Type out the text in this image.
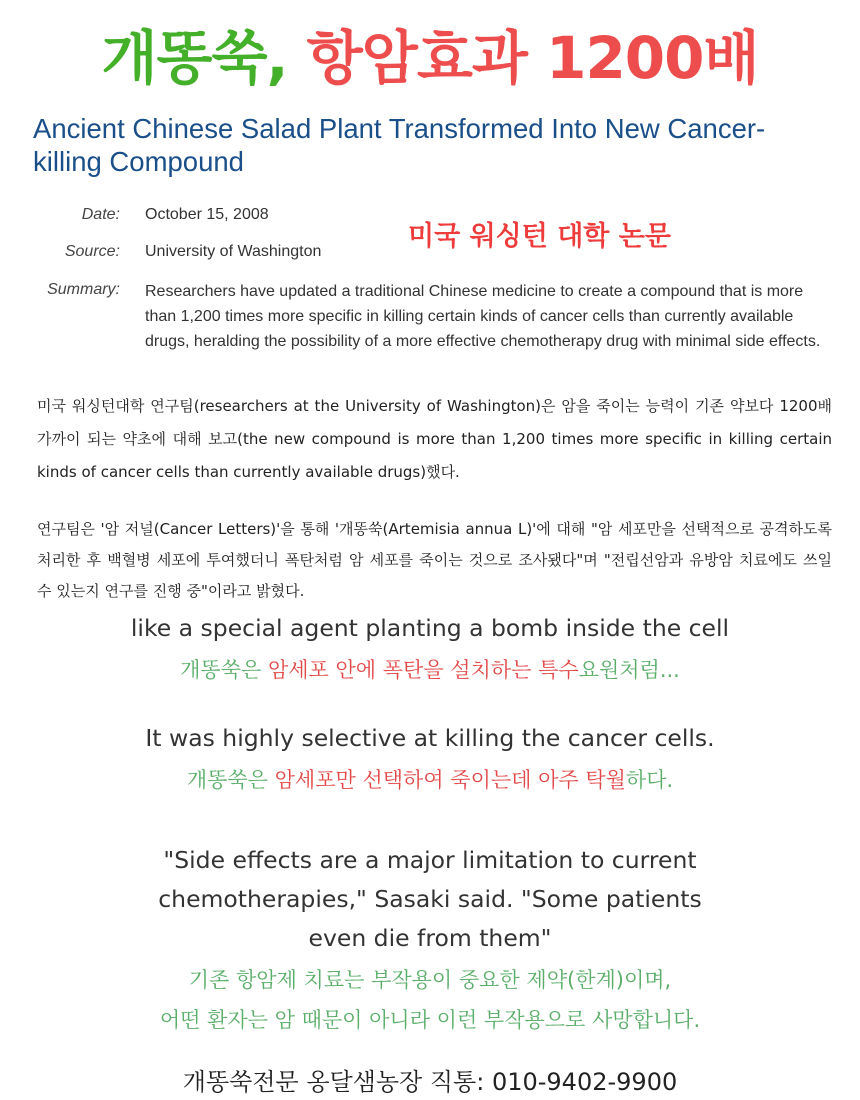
개똥쑥, 항암효과 1200배
Ancient Chinese Salad Plant Transformed Into New Cancer-killing Compound
Date: October 15, 2008
Source: University of Washington
Summary: Researchers have updated a traditional Chinese medicine to create a compound that is more than 1,200 times more specific in killing certain kinds of cancer cells than currently available drugs, heralding the possibility of a more effective chemotherapy drug with minimal side effects.
미국 워싱턴 대학 논문
미국 워싱턴대학 연구팀(researchers at the University of Washington)은 암을 죽이는 능력이 기존 약보다 1200배 가까이 되는 약초에 대해 보고(the new compound is more than 1,200 times more specific in killing certain kinds of cancer cells than currently available drugs)했다.
연구팀은 '암 저널(Cancer Letters)'을 통해 '개똥쑥(Artemisia annua L)'에 대해 "암 세포만을 선택적으로 공격하도록 처리한 후 백혈병 세포에 투여했더니 폭탄처럼 암 세포를 죽이는 것으로 조사됐다"며 "전립선암과 유방암 치료에도 쓰일 수 있는지 연구를 진행 중"이라고 밝혔다.
like a special agent planting a bomb inside the cell
개똥쑥은 암세포 안에 폭탄을 설치하는 특수요원처럼...
It was highly selective at killing the cancer cells.
개똥쑥은 암세포만 선택하여 죽이는데 아주 탁월하다.
"Side effects are a major limitation to current
chemotherapies," Sasaki said. "Some patients
even die from them"
기존 항암제 치료는 부작용이 중요한 제약(한계)이며,
어떤 환자는 암 때문이 아니라 이런 부작용으로 사망합니다.
개똥쑥전문 옹달샘농장 직통: 010-9402-9900
